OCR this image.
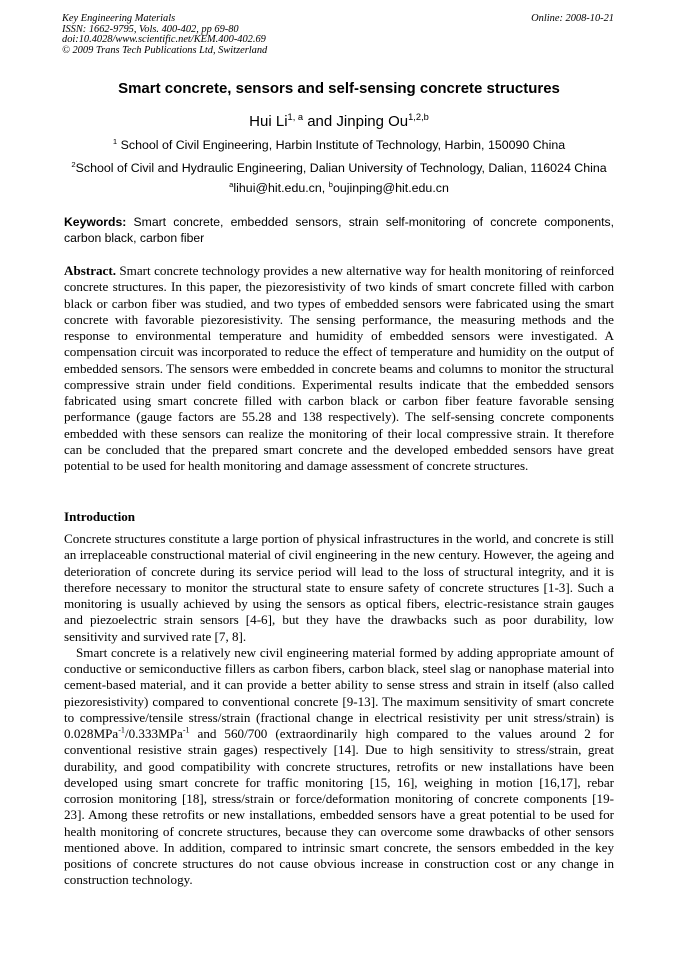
Key Engineering Materials
ISSN: 1662-9795, Vols. 400-402, pp 69-80
doi:10.4028/www.scientific.net/KEM.400-402.69
© 2009 Trans Tech Publications Ltd, Switzerland
Online: 2008-10-21
Smart concrete, sensors and self-sensing concrete structures
Hui Li$^{1, a}$ and Jinping Ou$^{1,2,b}$
$^1$ School of Civil Engineering, Harbin Institute of Technology, Harbin, 150090 China
$^2$School of Civil and Hydraulic Engineering, Dalian University of Technology, Dalian, 116024 China
$^a$lihui@hit.edu.cn, $^b$oujinping@hit.edu.cn
Keywords: Smart concrete, embedded sensors, strain self-monitoring of concrete components, carbon black, carbon fiber
Abstract. Smart concrete technology provides a new alternative way for health monitoring of reinforced concrete structures. In this paper, the piezoresistivity of two kinds of smart concrete filled with carbon black or carbon fiber was studied, and two types of embedded sensors were fabricated using the smart concrete with favorable piezoresistivity. The sensing performance, the measuring methods and the response to environmental temperature and humidity of embedded sensors were investigated. A compensation circuit was incorporated to reduce the effect of temperature and humidity on the output of embedded sensors. The sensors were embedded in concrete beams and columns to monitor the structural compressive strain under field conditions. Experimental results indicate that the embedded sensors fabricated using smart concrete filled with carbon black or carbon fiber feature favorable sensing performance (gauge factors are 55.28 and 138 respectively). The self-sensing concrete components embedded with these sensors can realize the monitoring of their local compressive strain. It therefore can be concluded that the prepared smart concrete and the developed embedded sensors have great potential to be used for health monitoring and damage assessment of concrete structures.
Introduction

Concrete structures constitute a large portion of physical infrastructures in the world, and concrete is still an irreplaceable constructional material of civil engineering in the new century. However, the ageing and deterioration of concrete during its service period will lead to the loss of structural integrity, and it is therefore necessary to monitor the structural state to ensure safety of concrete structures [1-3]. Such a monitoring is usually achieved by using the sensors as optical fibers, electric-resistance strain gauges and piezoelectric strain sensors [4-6], but they have the drawbacks such as poor durability, low sensitivity and survived rate [7, 8].

Smart concrete is a relatively new civil engineering material formed by adding appropriate amount of conductive or semiconductive fillers as carbon fibers, carbon black, steel slag or nanophase material into cement-based material, and it can provide a better ability to sense stress and strain in itself (also called piezoresistivity) compared to conventional concrete [9-13]. The maximum sensitivity of smart concrete to compressive/tensile stress/strain (fractional change in electrical resistivity per unit stress/strain) is 0.028MPa$^{-1}$/0.333MPa$^{-1}$ and 560/700 (extraordinarily high compared to the values around 2 for conventional resistive strain gages) respectively [14]. Due to high sensitivity to stress/strain, great durability, and good compatibility with concrete structures, retrofits or new installations have been developed using smart concrete for traffic monitoring [15, 16], weighing in motion [16,17], rebar corrosion monitoring [18], stress/strain or force/deformation monitoring of concrete components [19-23]. Among these retrofits or new installations, embedded sensors have a great potential to be used for health monitoring of concrete structures, because they can overcome some drawbacks of other sensors mentioned above. In addition, compared to intrinsic smart concrete, the sensors embedded in the key positions of concrete structures do not cause obvious increase in construction cost or any change in construction technology.
